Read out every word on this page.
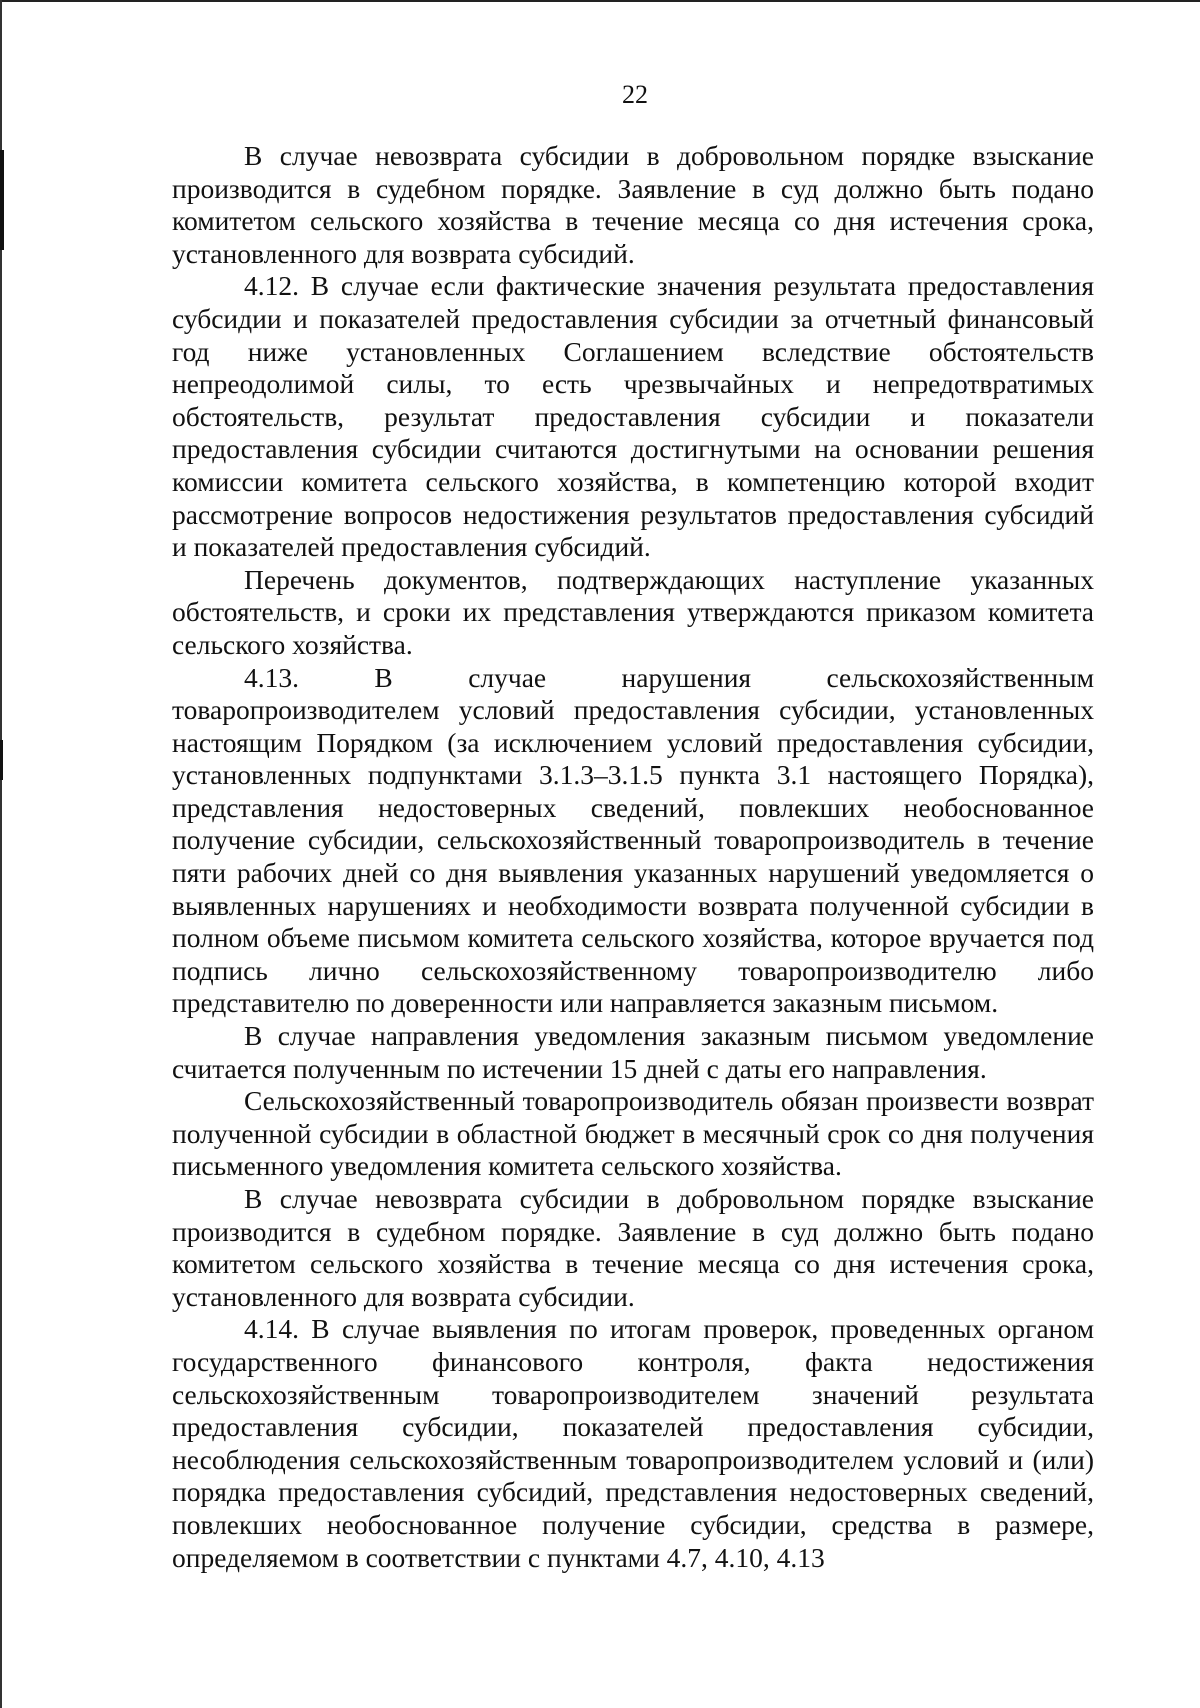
22

В случае невозврата субсидии в добровольном порядке взыскание производится в судебном порядке. Заявление в суд должно быть подано комитетом сельского хозяйства в течение месяца со дня истечения срока, установленного для возврата субсидий.

4.12. В случае если фактические значения результата предоставления субсидии и показателей предоставления субсидии за отчетный финансовый год ниже установленных Соглашением вследствие обстоятельств непреодолимой силы, то есть чрезвычайных и непредотвратимых обстоятельств, результат предоставления субсидии и показатели предоставления субсидии считаются достигнутыми на основании решения комиссии комитета сельского хозяйства, в компетенцию которой входит рассмотрение вопросов недостижения результатов предоставления субсидий и показателей предоставления субсидий.

Перечень документов, подтверждающих наступление указанных обстоятельств, и сроки их представления утверждаются приказом комитета сельского хозяйства.

4.13. В случае нарушения сельскохозяйственным товаропроизводителем условий предоставления субсидии, установленных настоящим Порядком (за исключением условий предоставления субсидии, установленных подпунктами 3.1.3–3.1.5 пункта 3.1 настоящего Порядка), представления недостоверных сведений, повлекших необоснованное получение субсидии, сельскохозяйственный товаропроизводитель в течение пяти рабочих дней со дня выявления указанных нарушений уведомляется о выявленных нарушениях и необходимости возврата полученной субсидии в полном объеме письмом комитета сельского хозяйства, которое вручается под подпись лично сельскохозяйственному товаропроизводителю либо представителю по доверенности или направляется заказным письмом.

В случае направления уведомления заказным письмом уведомление считается полученным по истечении 15 дней с даты его направления.

Сельскохозяйственный товаропроизводитель обязан произвести возврат полученной субсидии в областной бюджет в месячный срок со дня получения письменного уведомления комитета сельского хозяйства.

В случае невозврата субсидии в добровольном порядке взыскание производится в судебном порядке. Заявление в суд должно быть подано комитетом сельского хозяйства в течение месяца со дня истечения срока, установленного для возврата субсидии.

4.14. В случае выявления по итогам проверок, проведенных органом государственного финансового контроля, факта недостижения сельскохозяйственным товаропроизводителем значений результата предоставления субсидии, показателей предоставления субсидии, несоблюдения сельскохозяйственным товаропроизводителем условий и (или) порядка предоставления субсидий, представления недостоверных сведений, повлекших необоснованное получение субсидии, средства в размере, определяемом в соответствии с пунктами 4.7, 4.10, 4.13
